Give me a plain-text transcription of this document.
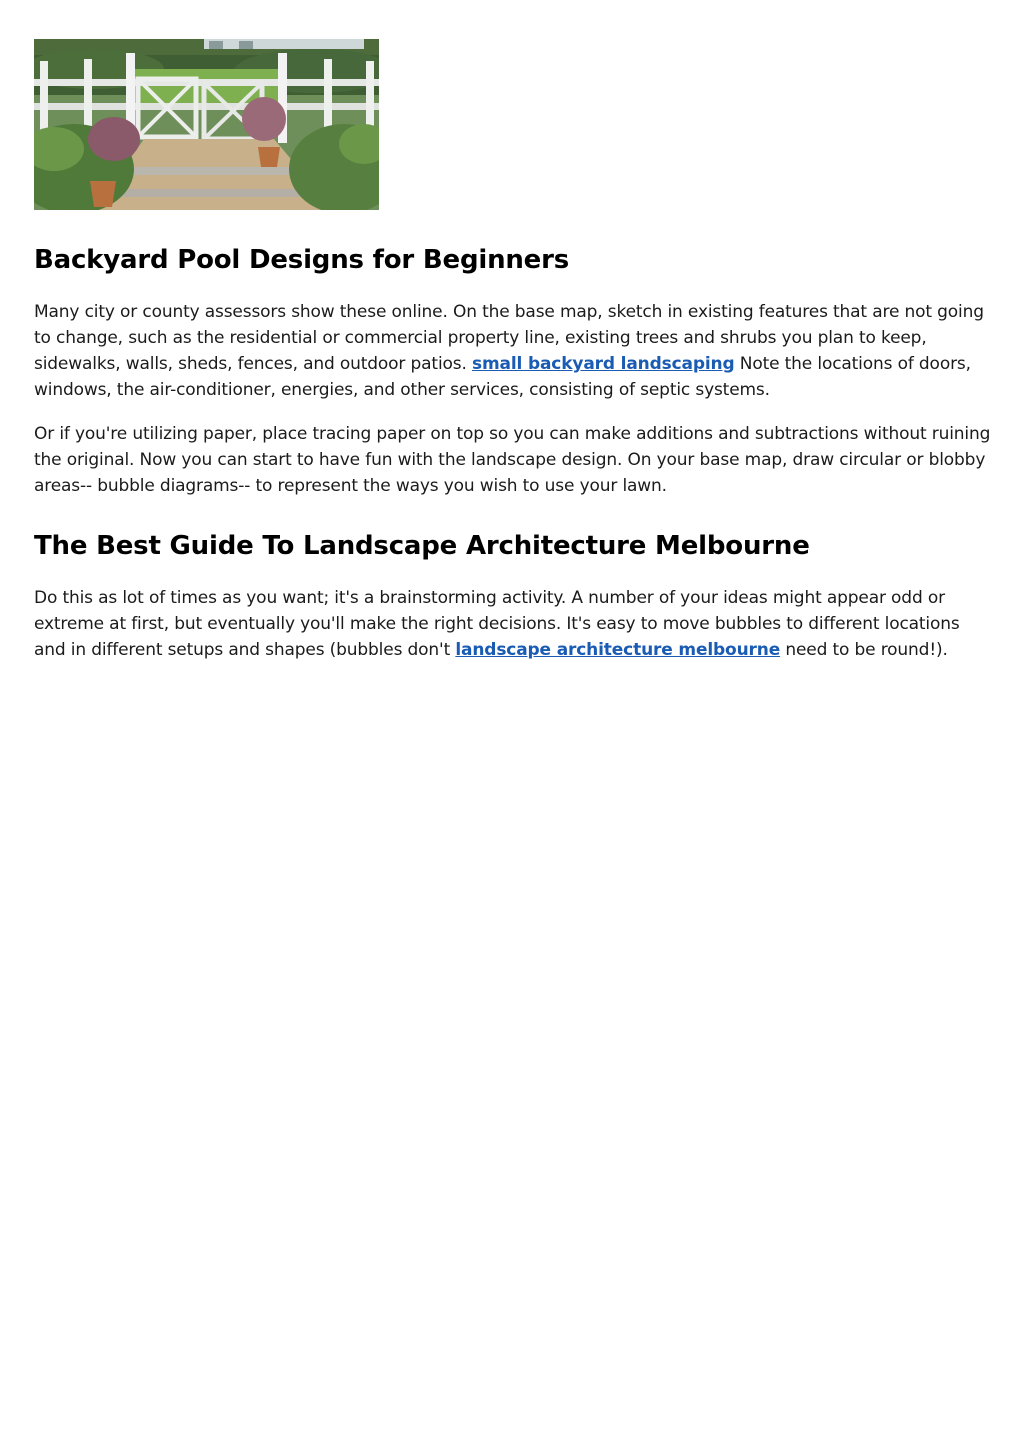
Backyard Pool Designs for Beginners

Many city or county assessors show these online. On the base map, sketch in existing features that are not going to change, such as the residential or commercial property line, existing trees and shrubs you plan to keep, sidewalks, walls, sheds, fences, and outdoor patios. small backyard landscaping Note the locations of doors, windows, the air-conditioner, energies, and other services, consisting of septic systems.

Or if you're utilizing paper, place tracing paper on top so you can make additions and subtractions without ruining the original. Now you can start to have fun with the landscape design. On your base map, draw circular or blobby areas-- bubble diagrams-- to represent the ways you wish to use your lawn.

The Best Guide To Landscape Architecture Melbourne

Do this as lot of times as you want; it's a brainstorming activity. A number of your ideas might appear odd or extreme at first, but eventually you'll make the right decisions. It's easy to move bubbles to different locations and in different setups and shapes (bubbles don't landscape architecture melbourne need to be round!).
